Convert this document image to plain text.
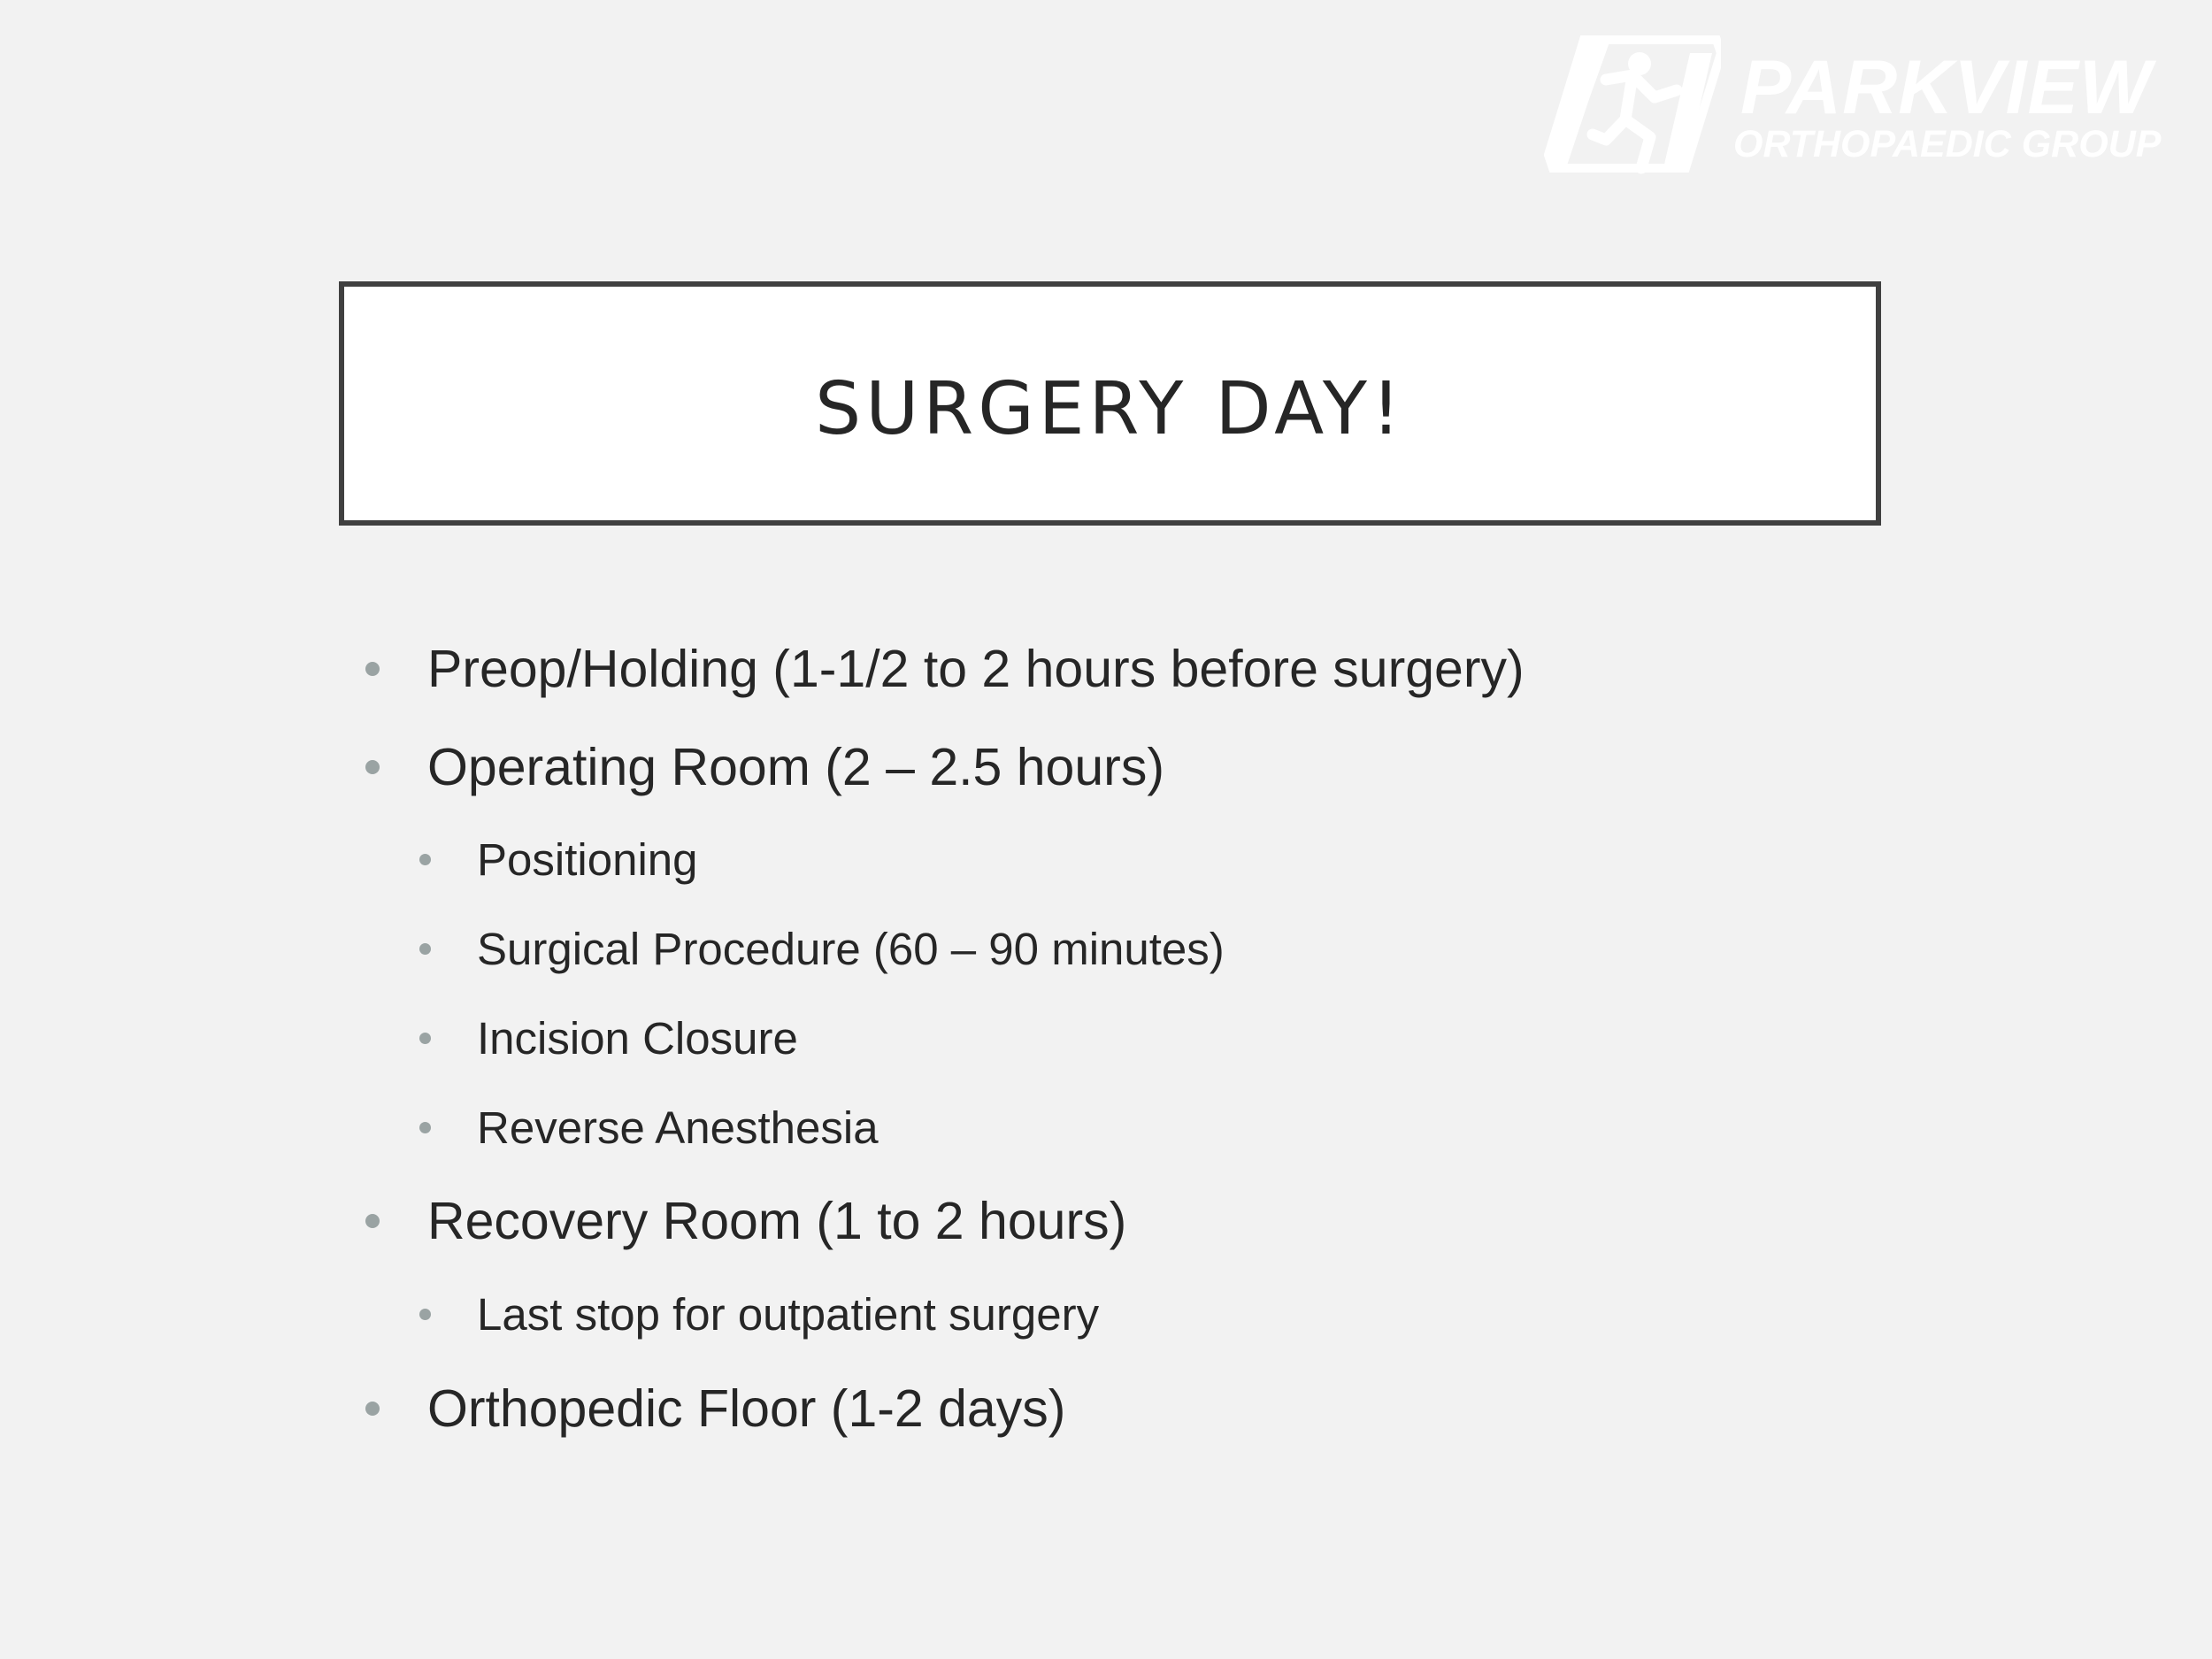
PARKVIEW
ORTHOPAEDIC GROUP
SURGERY DAY!
Preop/Holding (1-1/2 to 2 hours before surgery)
Operating Room (2 – 2.5 hours)
Positioning
Surgical Procedure (60 – 90 minutes)
Incision Closure
Reverse Anesthesia
Recovery Room (1 to 2 hours)
Last stop for outpatient surgery
Orthopedic Floor (1-2 days)
